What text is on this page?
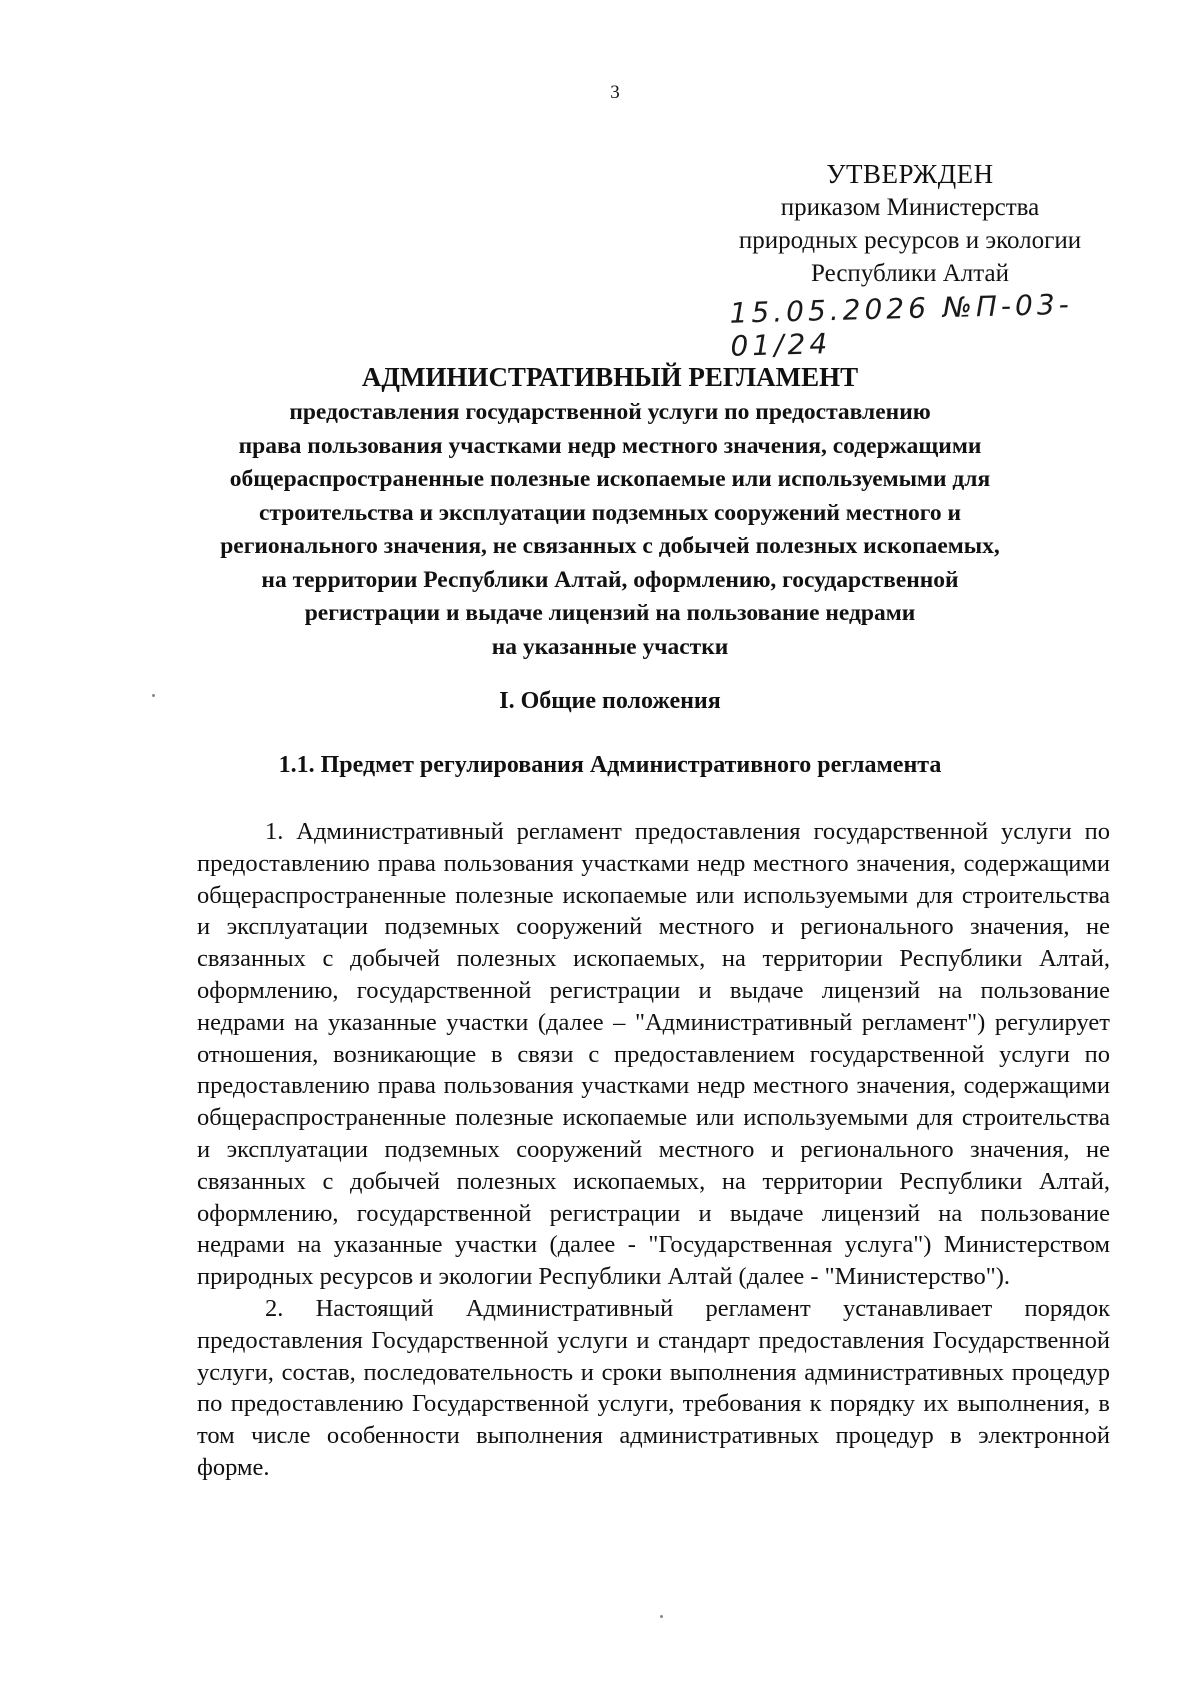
3
УТВЕРЖДЕН
приказом Министерства
природных ресурсов и экологии
Республики Алтай
15.05.2026 №П-03-01/24
АДМИНИСТРАТИВНЫЙ РЕГЛАМЕНТ
предоставления государственной услуги по предоставлению
права пользования участками недр местного значения, содержащими
общераспространенные полезные ископаемые или используемыми для
строительства и эксплуатации подземных сооружений местного и
регионального значения, не связанных с добычей полезных ископаемых,
на территории Республики Алтай, оформлению, государственной
регистрации и выдаче лицензий на пользование недрами
на указанные участки
I. Общие положения
1.1. Предмет регулирования Административного регламента

1. Административный регламент предоставления государственной услуги по предоставлению права пользования участками недр местного значения, содержащими общераспространенные полезные ископаемые или используемыми для строительства и эксплуатации подземных сооружений местного и регионального значения, не связанных с добычей полезных ископаемых, на территории Республики Алтай, оформлению, государственной регистрации и выдаче лицензий на пользование недрами на указанные участки (далее – "Административный регламент") регулирует отношения, возникающие в связи с предоставлением государственной услуги по предоставлению права пользования участками недр местного значения, содержащими общераспространенные полезные ископаемые или используемыми для строительства и эксплуатации подземных сооружений местного и регионального значения, не связанных с добычей полезных ископаемых, на территории Республики Алтай, оформлению, государственной регистрации и выдаче лицензий на пользование недрами на указанные участки (далее - "Государственная услуга") Министерством природных ресурсов и экологии Республики Алтай (далее - "Министерство").

2. Настоящий Административный регламент устанавливает порядок предоставления Государственной услуги и стандарт предоставления Государственной услуги, состав, последовательность и сроки выполнения административных процедур по предоставлению Государственной услуги, требования к порядку их выполнения, в том числе особенности выполнения административных процедур в электронной форме.
